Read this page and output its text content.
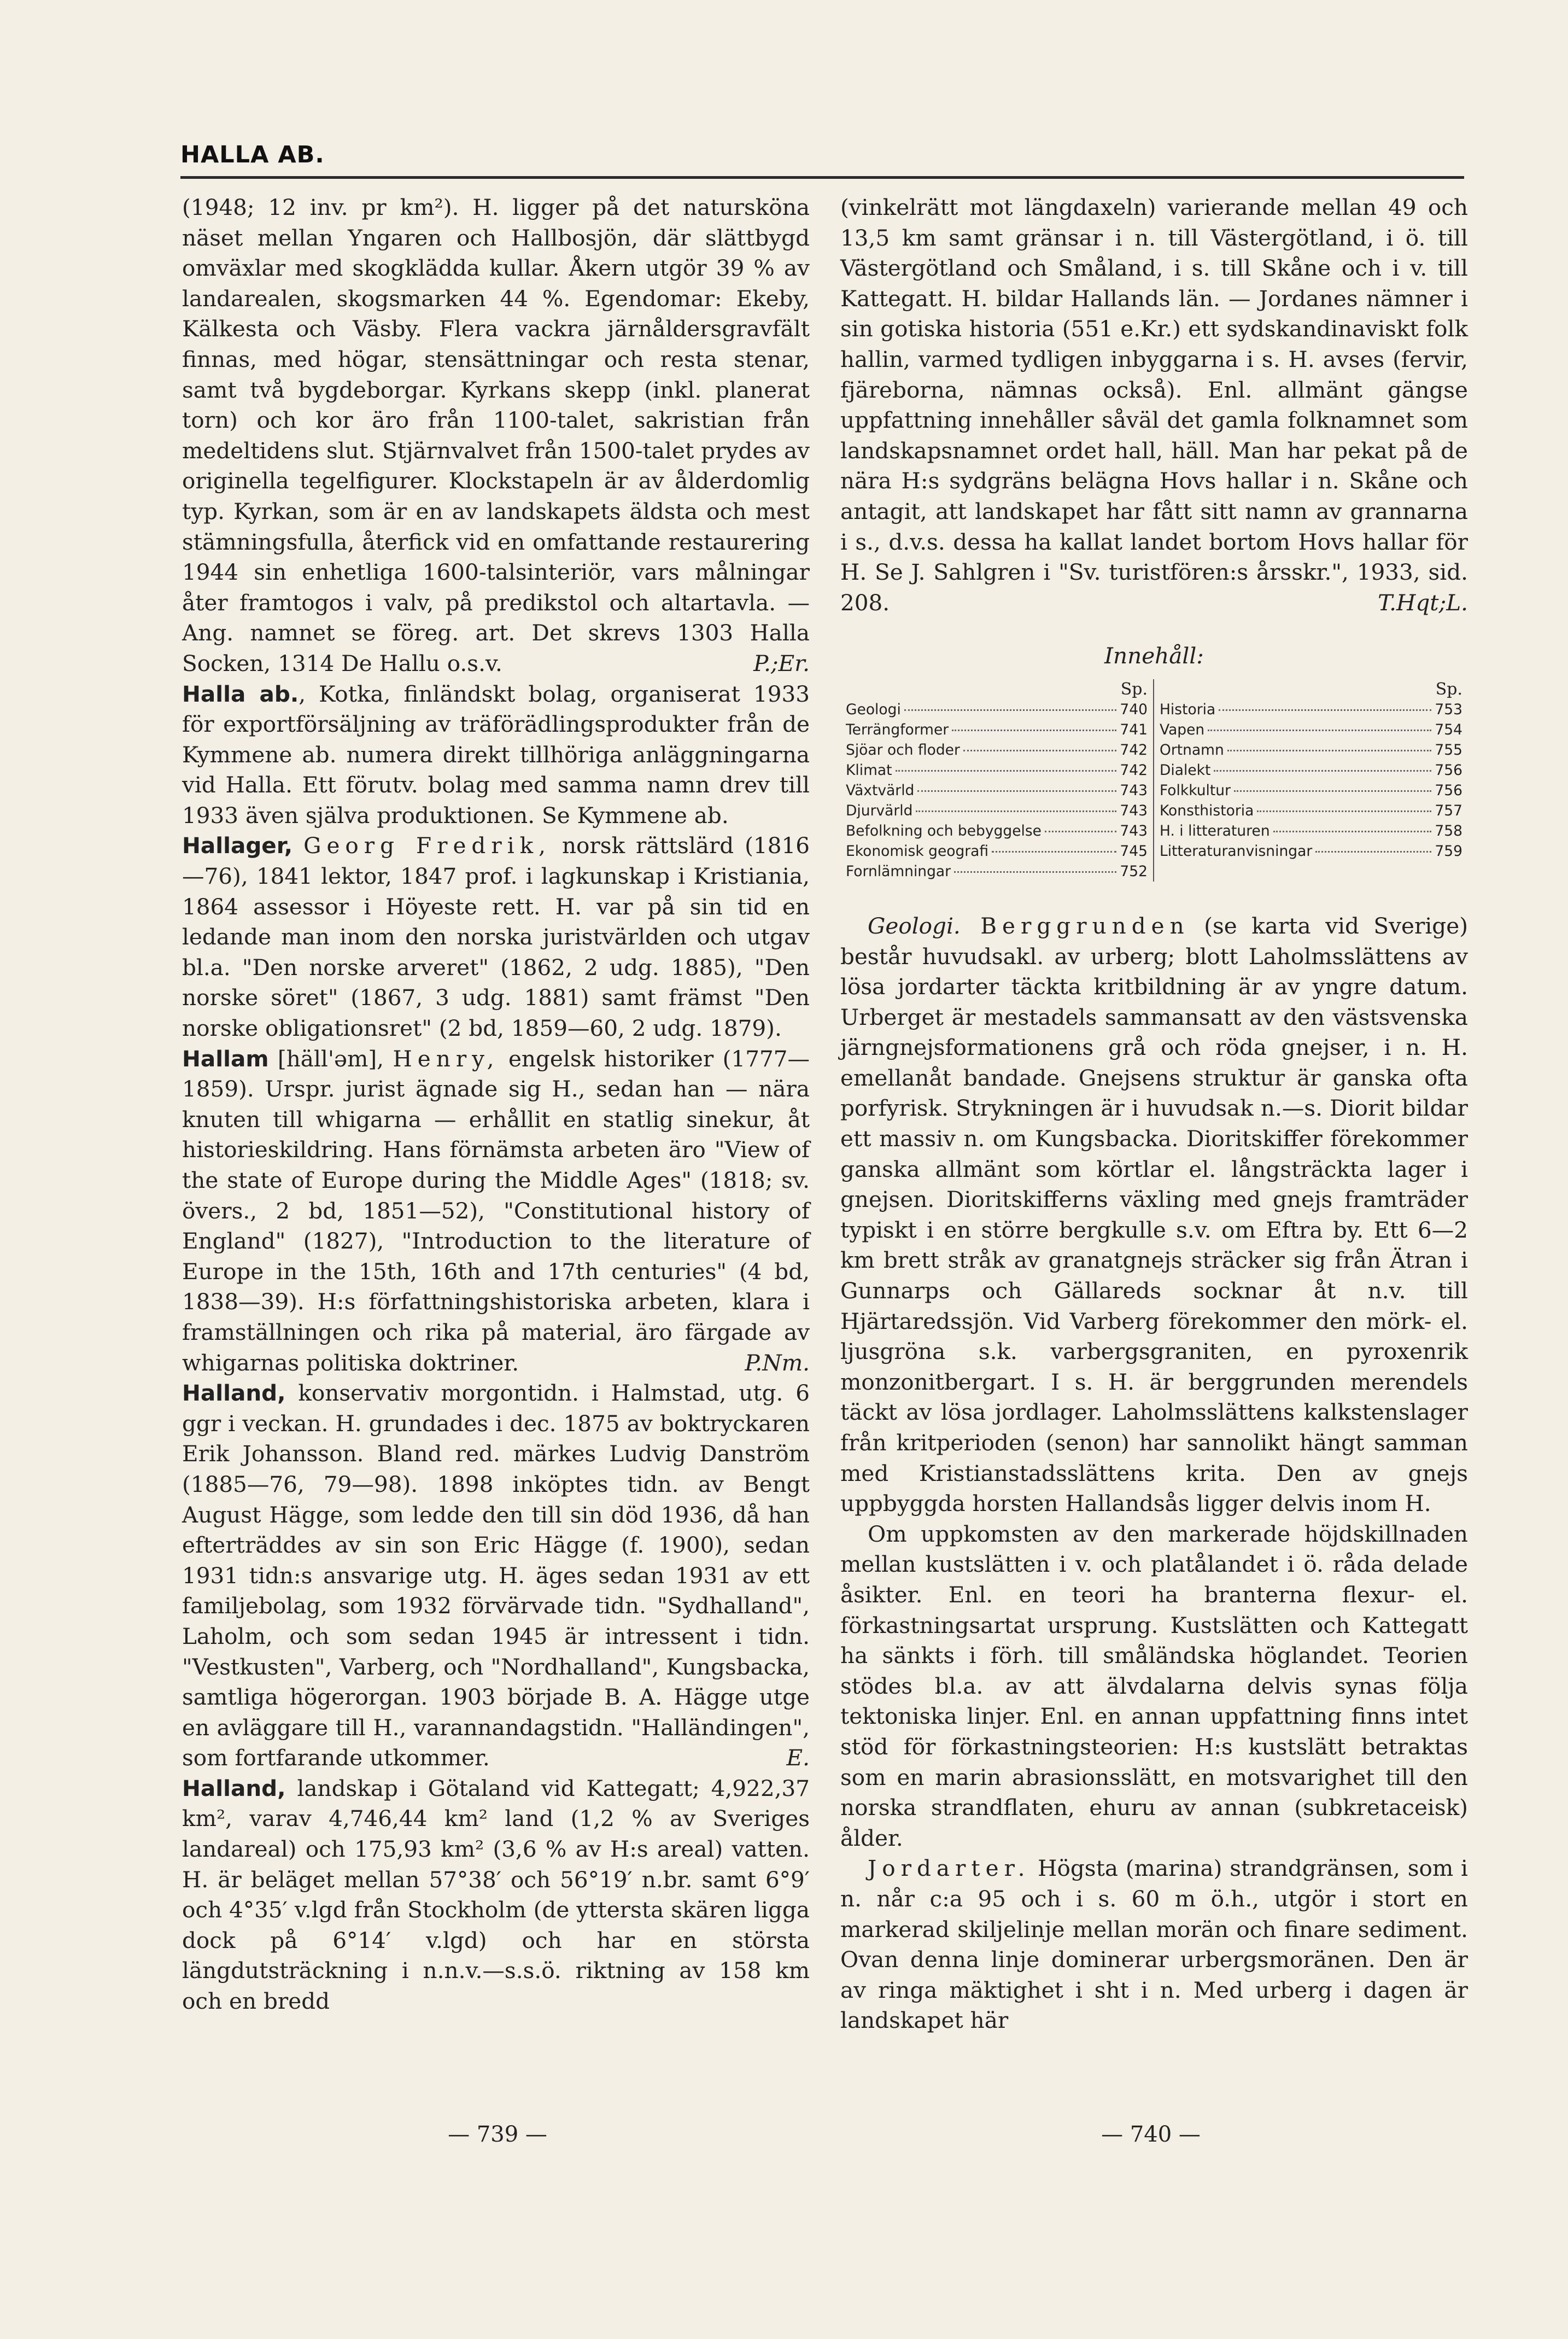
HALLA AB.

(1948; 12 inv. pr km²). H. ligger på det natursköna näset mellan Yngaren och Hallbosjön, där slättbygd omväxlar med skogklädda kullar. Åkern utgör 39 % av landarealen, skogsmarken 44 %. Egendomar: Ekeby, Kälkesta och Väsby. Flera vackra järnåldersgravfält finnas, med högar, stensättningar och resta stenar, samt två bygdeborgar. Kyrkans skepp (inkl. planerat torn) och kor äro från 1100-talet, sakristian från medeltidens slut. Stjärnvalvet från 1500-talet prydes av originella tegelfigurer. Klockstapeln är av ålderdomlig typ. Kyrkan, som är en av landskapets äldsta och mest stämningsfulla, återfick vid en omfattande restaurering 1944 sin enhetliga 1600-talsinteriör, vars målningar åter framtogos i valv, på predikstol och altartavla. — Ang. namnet se föreg. art. Det skrevs 1303 Halla Socken, 1314 De Hallu o.s.v.	P.;Er.

Halla ab., Kotka, finländskt bolag, organiserat 1933 för exportförsäljning av träförädlingsprodukter från de Kymmene ab. numera direkt tillhöriga anläggningarna vid Halla. Ett förutv. bolag med samma namn drev till 1933 även själva produktionen. Se Kymmene ab.

Hallager, Georg Fredrik, norsk rättslärd (1816—76), 1841 lektor, 1847 prof. i lagkunskap i Kristiania, 1864 assessor i Höyeste rett. H. var på sin tid en ledande man inom den norska juristvärlden och utgav bl.a. "Den norske arveret" (1862, 2 udg. 1885), "Den norske söret" (1867, 3 udg. 1881) samt främst "Den norske obligationsret" (2 bd, 1859—60, 2 udg. 1879).

Hallam [häll'əm], Henry, engelsk historiker (1777—1859). Urspr. jurist ägnade sig H., sedan han — nära knuten till whigarna — erhållit en statlig sinekur, åt historieskildring. Hans förnämsta arbeten äro "View of the state of Europe during the Middle Ages" (1818; sv. övers., 2 bd, 1851—52), "Constitutional history of England" (1827), "Introduction to the literature of Europe in the 15th, 16th and 17th centuries" (4 bd, 1838—39). H:s författningshistoriska arbeten, klara i framställningen och rika på material, äro färgade av whigarnas politiska doktriner.	P.Nm.

Halland, konservativ morgontidn. i Halmstad, utg. 6 ggr i veckan. H. grundades i dec. 1875 av boktryckaren Erik Johansson. Bland red. märkes Ludvig Danström (1885—76, 79—98). 1898 inköptes tidn. av Bengt August Hägge, som ledde den till sin död 1936, då han efterträddes av sin son Eric Hägge (f. 1900), sedan 1931 tidn:s ansvarige utg. H. äges sedan 1931 av ett familjebolag, som 1932 förvärvade tidn. "Sydhalland", Laholm, och som sedan 1945 är intressent i tidn. "Vestkusten", Varberg, och "Nordhalland", Kungsbacka, samtliga högerorgan. 1903 började B. A. Hägge utge en avläggare till H., varannandagstidn. "Halländingen", som fortfarande utkommer.	E.

Halland, landskap i Götaland vid Kattegatt; 4,922,37 km², varav 4,746,44 km² land (1,2 % av Sveriges landareal) och 175,93 km² (3,6 % av H:s areal) vatten. H. är beläget mellan 57°38′ och 56°19′ n.br. samt 6°9′ och 4°35′ v.lgd från Stockholm (de yttersta skären ligga dock på 6°14′ v.lgd) och har en största längdutsträckning i n.n.v.—s.s.ö. riktning av 158 km och en bredd

(vinkelrätt mot längdaxeln) varierande mellan 49 och 13,5 km samt gränsar i n. till Västergötland, i ö. till Västergötland och Småland, i s. till Skåne och i v. till Kattegatt. H. bildar Hallands län. — Jordanes nämner i sin gotiska historia (551 e.Kr.) ett sydskandinaviskt folk hallin, varmed tydligen inbyggarna i s. H. avses (fervir, fjäreborna, nämnas också). Enl. allmänt gängse uppfattning innehåller såväl det gamla folknamnet som landskapsnamnet ordet hall, häll. Man har pekat på de nära H:s sydgräns belägna Hovs hallar i n. Skåne och antagit, att landskapet har fått sitt namn av grannarna i s., d.v.s. dessa ha kallat landet bortom Hovs hallar för H. Se J. Sahlgren i "Sv. turistfören:s årsskr.", 1933, sid. 208.	T.Hqt;L.

Innehåll:
Sp.
Geologi	740
Terrängformer	741
Sjöar och floder	742
Klimat	742
Växtvärld	743
Djurvärld	743
Befolkning och bebyggelse	743
Ekonomisk geografi	745
Fornlämningar	752
Sp.
Historia	753
Vapen	754
Ortnamn	755
Dialekt	756
Folkkultur	756
Konsthistoria	757
H. i litteraturen	758
Litteraturanvisningar	759

Geologi. Berggrunden (se karta vid Sverige) består huvudsakl. av urberg; blott Laholmsslättens av lösa jordarter täckta kritbildning är av yngre datum. Urberget är mestadels sammansatt av den västsvenska järngnejsformationens grå och röda gnejser, i n. H. emellanåt bandade. Gnejsens struktur är ganska ofta porfyrisk. Strykningen är i huvudsak n.—s. Diorit bildar ett massiv n. om Kungsbacka. Dioritskiffer förekommer ganska allmänt som körtlar el. långsträckta lager i gnejsen. Dioritskifferns växling med gnejs framträder typiskt i en större bergkulle s.v. om Eftra by. Ett 6—2 km brett stråk av granatgnejs sträcker sig från Ätran i Gunnarps och Gällareds socknar åt n.v. till Hjärtaredssjön. Vid Varberg förekommer den mörk- el. ljusgröna s.k. varbergsgraniten, en pyroxenrik monzonitbergart. I s. H. är berggrunden merendels täckt av lösa jordlager. Laholmsslättens kalkstenslager från kritperioden (senon) har sannolikt hängt samman med Kristianstadsslättens krita. Den av gnejs uppbyggda horsten Hallandsås ligger delvis inom H.

Om uppkomsten av den markerade höjdskillnaden mellan kustslätten i v. och platålandet i ö. råda delade åsikter. Enl. en teori ha branterna flexur- el. förkastningsartat ursprung. Kustslätten och Kattegatt ha sänkts i förh. till småländska höglandet. Teorien stödes bl.a. av att älvdalarna delvis synas följa tektoniska linjer. Enl. en annan uppfattning finns intet stöd för förkastningsteorien: H:s kustslätt betraktas som en marin abrasionsslätt, en motsvarighet till den norska strandflaten, ehuru av annan (subkretaceisk) ålder.

Jordarter. Högsta (marina) strandgränsen, som i n. når c:a 95 och i s. 60 m ö.h., utgör i stort en markerad skiljelinje mellan morän och finare sediment. Ovan denna linje dominerar urbergsmoränen. Den är av ringa mäktighet i sht i n. Med urberg i dagen är landskapet här

— 739 —	— 740 —
